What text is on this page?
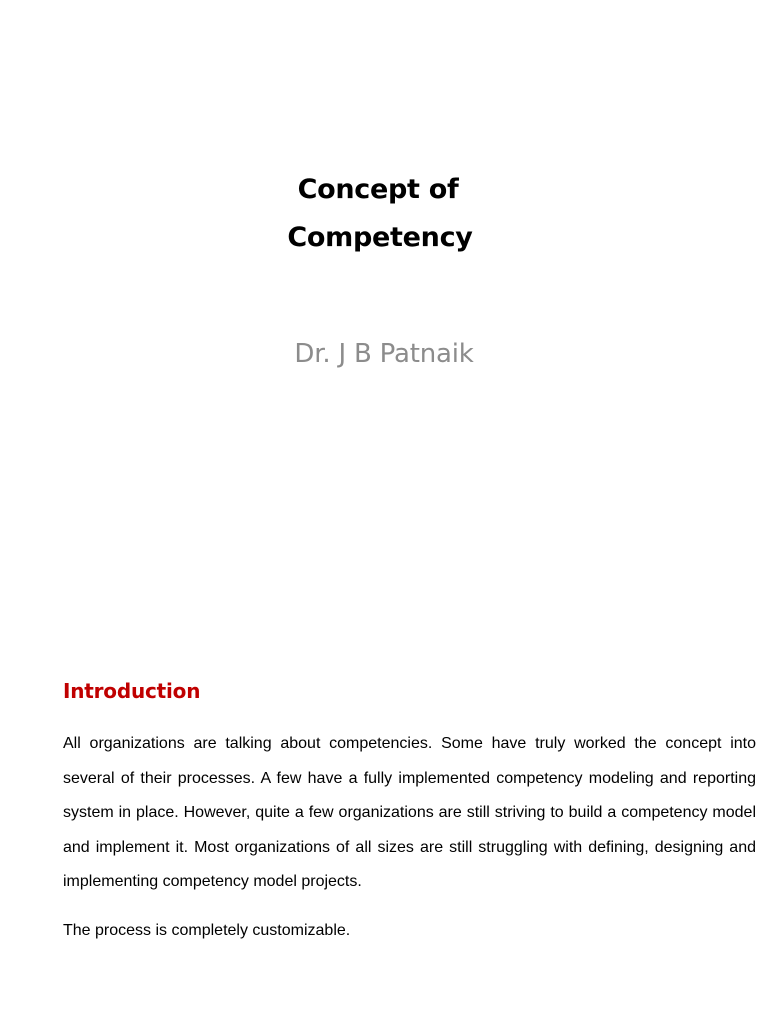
Concept of
Competency
Dr. J B Patnaik
Introduction

All organizations are talking about competencies. Some have truly worked the concept into several of their processes. A few have a fully implemented competency modeling and reporting system in place. However, quite a few organizations are still striving to build a competency model and implement it. Most organizations of all sizes are still struggling with defining, designing and implementing competency model projects.

The process is completely customizable.
